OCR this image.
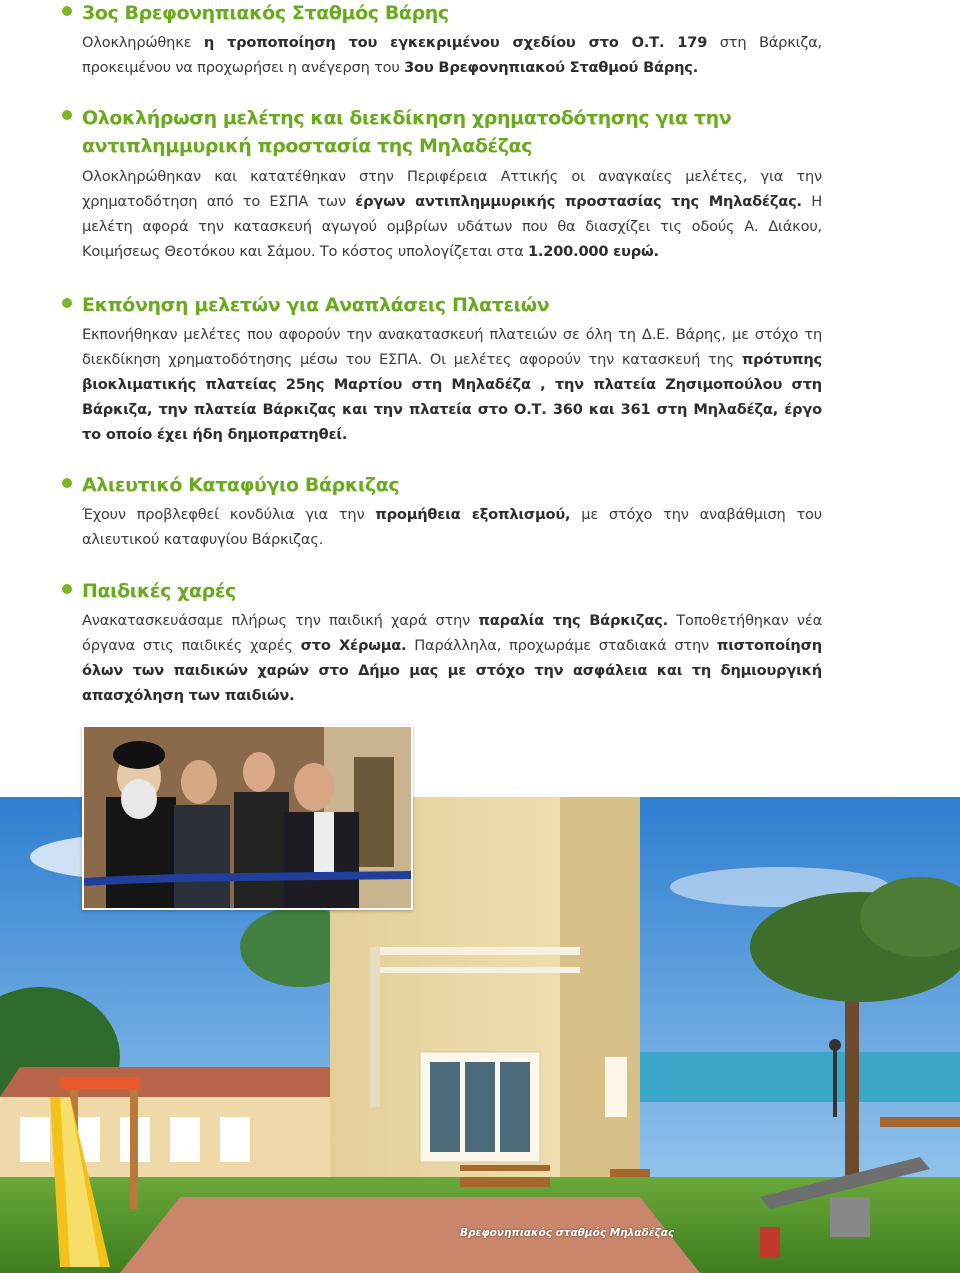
3ος Βρεφονηπιακός Σταθμός Βάρης

Ολοκληρώθηκε η τροποποίηση του εγκεκριμένου σχεδίου στο Ο.Τ. 179 στη Βάρκιζα, προκειμένου να προχωρήσει η ανέγερση του 3ου Βρεφονηπιακού Σταθμού Βάρης.

Ολοκλήρωση μελέτης και διεκδίκηση χρηματοδότησης για την αντιπλημμυρική προστασία της Μηλαδέζας

Ολοκληρώθηκαν και κατατέθηκαν στην Περιφέρεια Αττικής οι αναγκαίες μελέτες, για την χρηματοδότηση από το ΕΣΠΑ των έργων αντιπλημμυρικής προστασίας της Μηλαδέζας. Η μελέτη αφορά την κατασκευή αγωγού ομβρίων υδάτων που θα διασχίζει τις οδούς Α. Διάκου, Κοιμήσεως Θεοτόκου και Σάμου. Το κόστος υπολογίζεται στα 1.200.000 ευρώ.

Εκπόνηση μελετών για Αναπλάσεις Πλατειών

Εκπονήθηκαν μελέτες που αφορούν την ανακατασκευή πλατειών σε όλη τη Δ.Ε. Βάρης, με στόχο τη διεκδίκηση χρηματοδότησης μέσω του ΕΣΠΑ. Οι μελέτες αφορούν την κατασκευή της πρότυπης βιοκλιματικής πλατείας 25ης Μαρτίου στη Μηλαδέζα , την πλατεία Ζησιμοπούλου στη Βάρκιζα, την πλατεία Βάρκιζας και την πλατεία στο Ο.Τ. 360 και 361 στη Μηλαδέζα, έργο το οποίο έχει ήδη δημοπρατηθεί.

Αλιευτικό Καταφύγιο Βάρκιζας

Έχουν προβλεφθεί κονδύλια για την προμήθεια εξοπλισμού, με στόχο την αναβάθμιση του αλιευτικού καταφυγίου Βάρκιζας.

Παιδικές χαρές

Ανακατασκευάσαμε πλήρως την παιδική χαρά στην παραλία της Βάρκιζας. Τοποθετήθηκαν νέα όργανα στις παιδικές χαρές στο Χέρωμα. Παράλληλα, προχωράμε σταδιακά στην πιστοποίηση όλων των παιδικών χαρών στο Δήμο μας με στόχο την ασφάλεια και τη δημιουργική απασχόληση των παιδιών.

Βρεφονηπιακός σταθμός Μηλαδέζας
